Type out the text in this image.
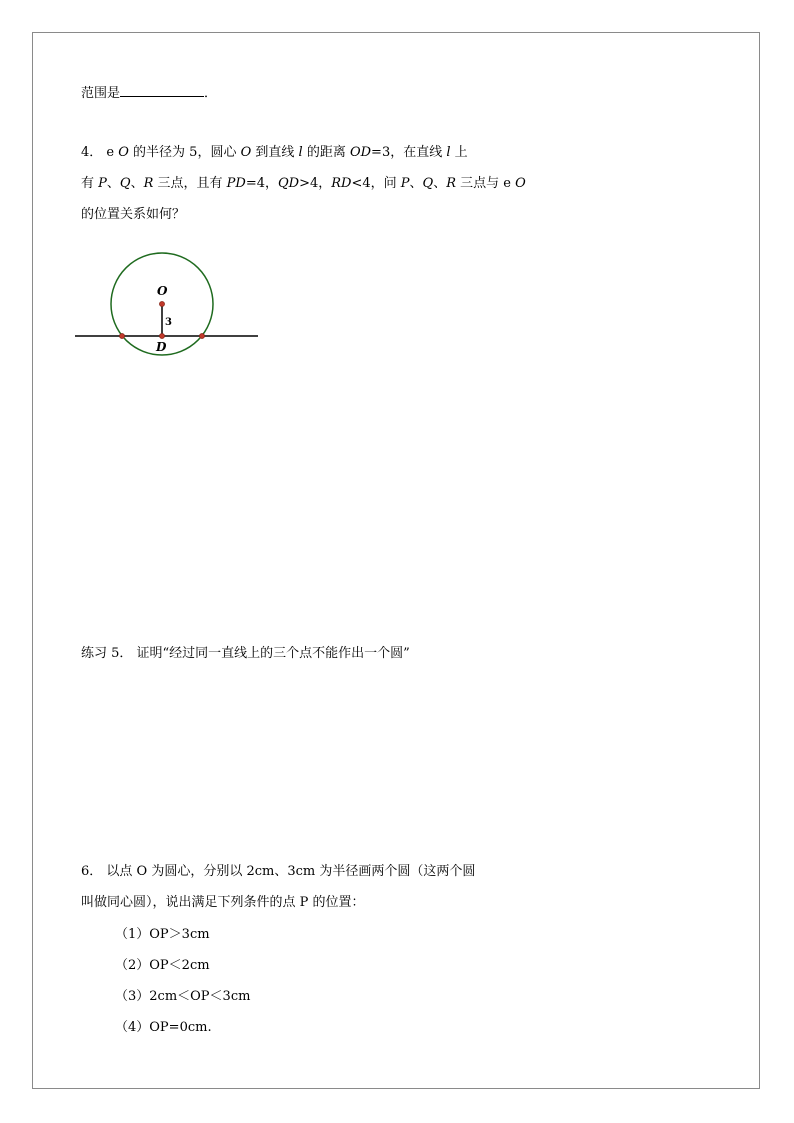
范围是	．
4． e O 的半径为 5，圆心 O 到直线 l 的距离 OD=3，在直线 l 上
有 P、Q、R 三点，且有 PD=4，QD>4，RD<4，问 P、Q、R 三点与 e O
的位置关系如何？
O
3
D
练习 5． 证明“经过同一直线上的三个点不能作出一个圆”
6． 以点 O 为圆心，分别以 2cm、3cm 为半径画两个圆（这两个圆
叫做同心圆），说出满足下列条件的点 P 的位置：
（1）OP＞3cm
（2）OP＜2cm
（3）2cm＜OP＜3cm
（4）OP=0cm.
